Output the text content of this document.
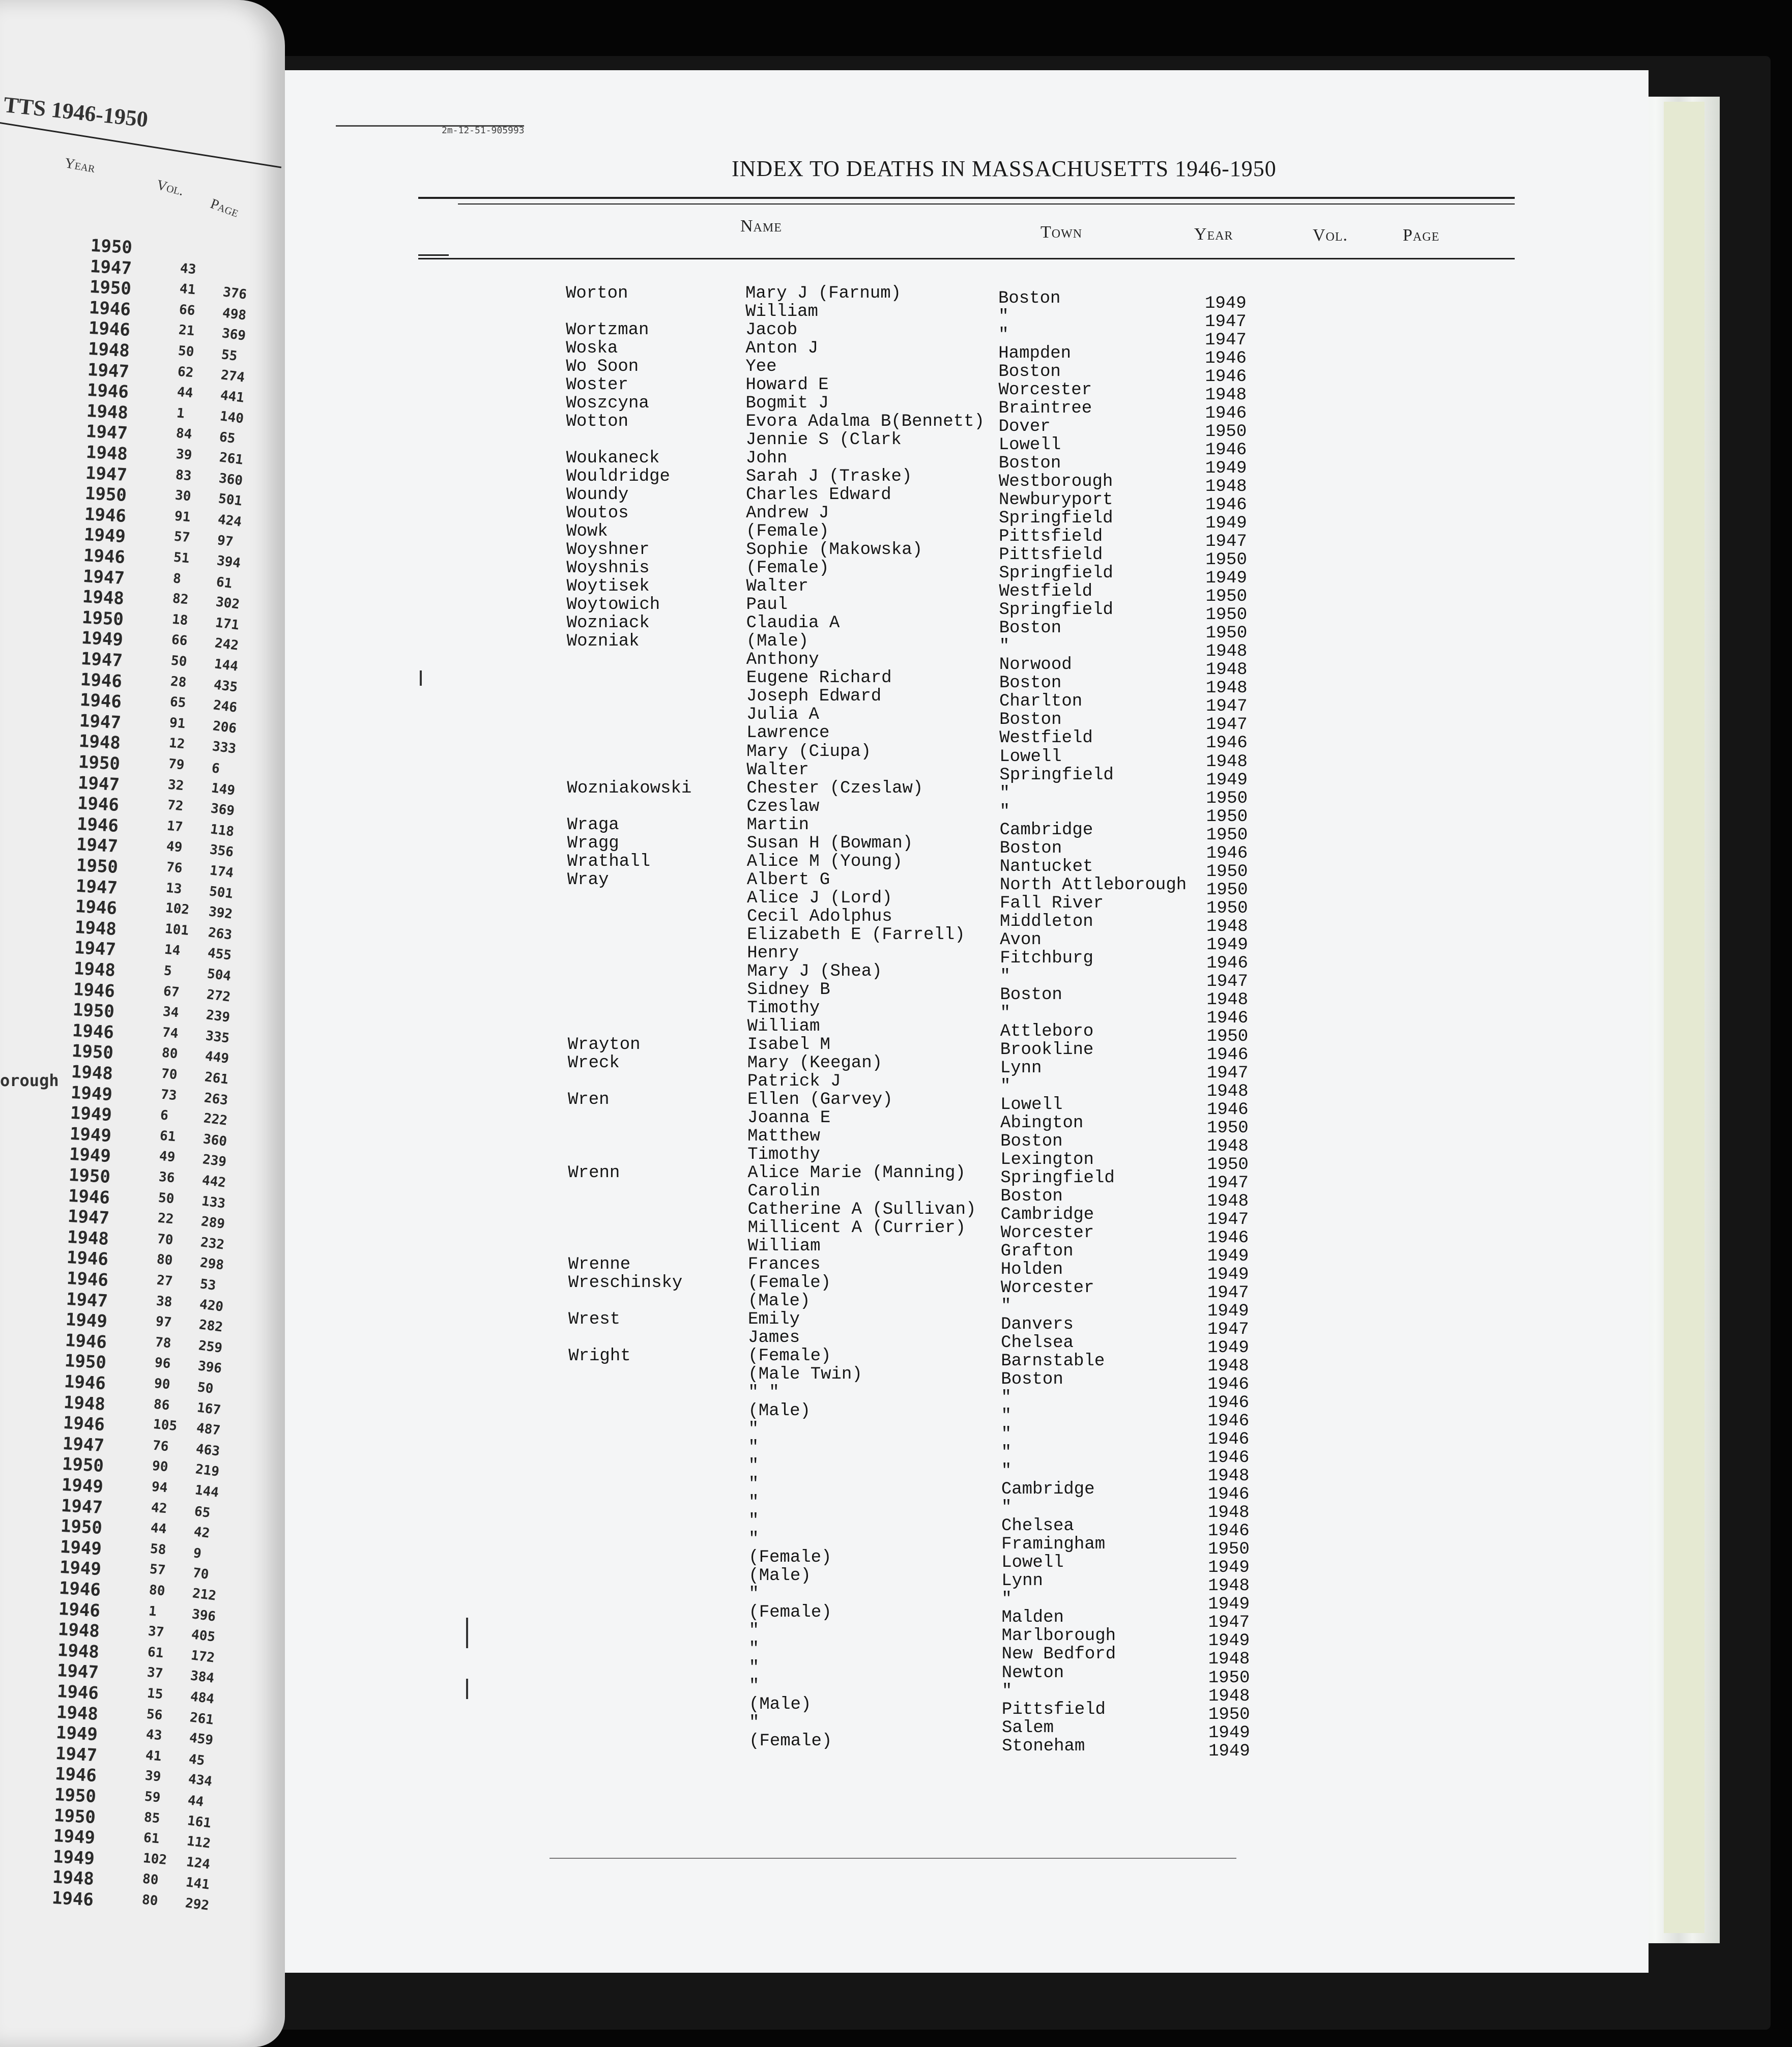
TTS 1946-1950
Year
Vol.
Page
orough
1950
1947	43
1950	41 376
1946	66 498
1946	21 369
1948	50 55
1947	62 274
1946	44 441
1948	1	140
1947	84 65
1948	39 261
1947	83 360
1950	30 501
1946	91 424
1949	57 97
1946	51 394
1947	8	61
1948	82 302
1950	18 171
1949	66 242
1947	50 144
1946	28 435
1946	65 246
1947	91 206
1948	12 333
1950	79 6
1947	32 149
1946	72 369
1946	17 118
1947	49 356
1950	76 174
1947	13 501
1946	102 392
1948	101 263
1947	14 455
1948	5	504
1946	67 272
1950	34 239
1946	74 335
1950	80 449
1948	70 261
1949	73 263
1949	6	222
1949	61 360
1949	49 239
1950	36 442
1946	50 133
1947	22 289
1948	70 232
1946	80 298
1946	27 53
1947	38 420
1949	97 282
1946	78 259
1950	96 396
1946	90 50
1948	86 167
1946	105 487
1947	76 463
1950	90 219
1949	94 144
1947	42 65
1950	44 42
1949	58 9
1949	57 70
1946	80 212
1946	1	396
1948	37 405
1948	61 172
1947	37 384
1946	15 484
1948	56 261
1949	43 459
1947	41 45
1946	39 434
1950	59 44
1950	85 161
1949	61 112
1949	102 124
1948	80 141
1946	80 292
2m-12-51-905993
INDEX TO DEATHS IN MASSACHUSETTS 1946-1950
Name	Town	Year	Vol.	Page
Worton	Mary J (Farnum)	Boston	1949
William	"	1947
Wortzman	Jacob	"	1947
Woska	Anton J	Hampden	1946
Wo Soon	Yee	Boston	1946
Woster	Howard E	Worcester	1948
Woszcyna	Bogmit J	Braintree	1946
Wotton	Evora Adalma B(Bennett) Dover	1950
Jennie S (Clark	Lowell	1946
Woukaneck	John	Boston	1949
Wouldridge	Sarah J (Traske)	Westborough	1948
Woundy	Charles Edward	Newburyport	1946
Woutos	Andrew J	Springfield	1949
Wowk	(Female)	Pittsfield	1947
Woyshner	Sophie (Makowska)	Pittsfield	1950
Woyshnis	(Female)	Springfield	1949
Woytisek	Walter	Westfield	1950
Woytowich	Paul	Springfield	1950
Wozniack	Claudia A	Boston	1950
Wozniak	(Male)	"	1948
Anthony	Norwood	1948
Eugene Richard	Boston	1948
Joseph Edward	Charlton	1947
Julia A	Boston	1947
Lawrence	Westfield	1946
Mary (Ciupa)	Lowell	1948
Walter	Springfield	1949
Wozniakowski	Chester (Czeslaw)	"	1950
Czeslaw	"	1950
Wraga	Martin	Cambridge	1950
Wragg	Susan H (Bowman)	Boston	1946
Wrathall	Alice M (Young)	Nantucket	1950
Wray	Albert G	North Attleborough 1950
Alice J (Lord)	Fall River	1950
Cecil Adolphus	Middleton	1948
Elizabeth E (Farrell) Avon	1949
Henry	Fitchburg	1946
Mary J (Shea)	"	1947
Sidney B	Boston	1948
Timothy	"	1946
William	Attleboro	1950
Wrayton	Isabel M	Brookline	1946
Wreck	Mary (Keegan)	Lynn	1947
Patrick J	"	1948
Wren	Ellen (Garvey)	Lowell	1946
Joanna E	Abington	1950
Matthew	Boston	1948
Timothy	Lexington	1950
Wrenn	Alice Marie (Manning) Springfield	1947
Carolin	Boston	1948
Catherine A (Sullivan) Cambridge	1947
Millicent A (Currier) Worcester	1946
William	Grafton	1949
Wrenne	Frances	Holden	1949
Wreschinsky	(Female)	Worcester	1947
(Male)	"	1949
Wrest	Emily	Danvers	1947
James	Chelsea	1949
Wright	(Female)	Barnstable	1948
(Male Twin)	Boston	1946
" "	"	1946
(Male)	"	1946
"	"	1946
"	"	1946
"	"	1948
"	Cambridge	1946
"	"	1948
"	Chelsea	1946
"	Framingham	1950
(Female)	Lowell	1949
(Male)	Lynn	1948
"	"	1949
(Female)	Malden	1947
"	Marlborough	1949
"	New Bedford	1948
"	Newton	1950
"	"	1948
(Male)	Pittsfield	1950
"	Salem	1949
(Female)	Stoneham	1949
